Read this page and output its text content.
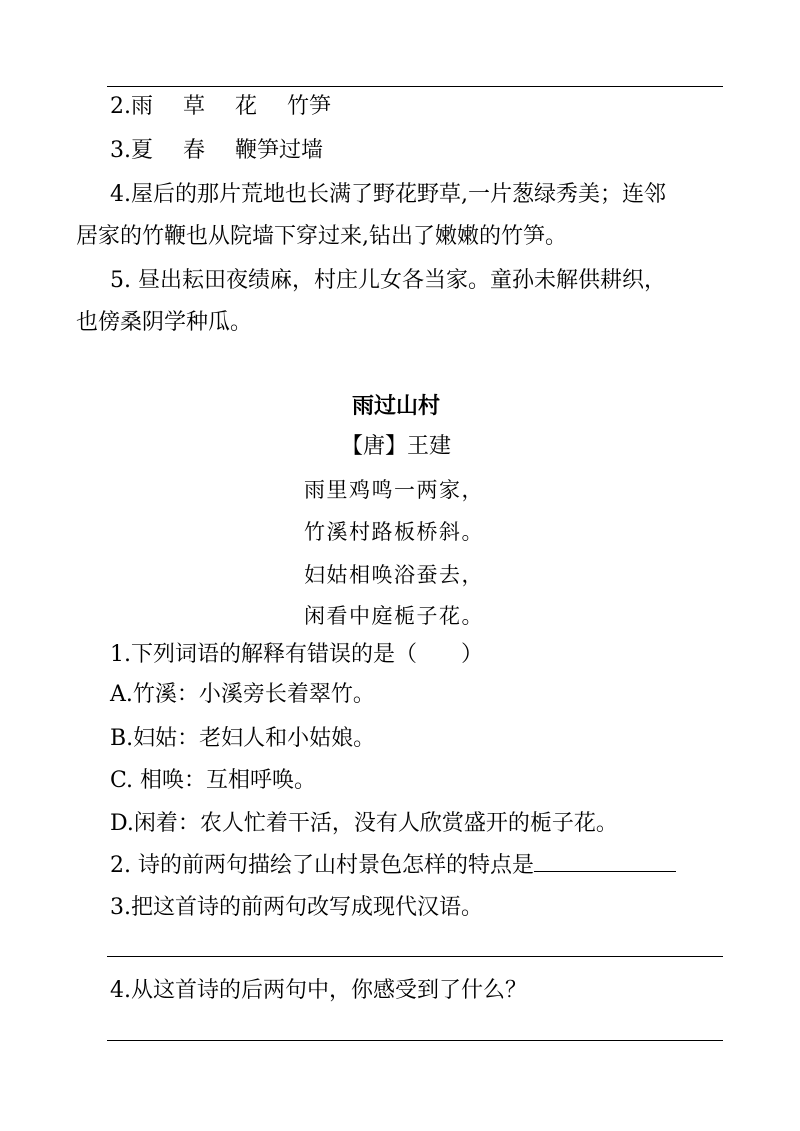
2.雨 草 花 竹笋
3.夏 春 鞭笋过墙
4.屋后的那片荒地也长满了野花野草,一片葱绿秀美；连邻
居家的竹鞭也从院墙下穿过来,钻出了嫩嫩的竹笋。
5. 昼出耘田夜绩麻，村庄儿女各当家。童孙未解供耕织，
也傍桑阴学种瓜。
雨过山村
【唐】王建
雨里鸡鸣一两家，
竹溪村路板桥斜。
妇姑相唤浴蚕去，
闲看中庭栀子花。
1.下列词语的解释有错误的是（　　）
A.竹溪：小溪旁长着翠竹。
B.妇姑：老妇人和小姑娘。
C. 相唤：互相呼唤。
D.闲着：农人忙着干活，没有人欣赏盛开的栀子花。
2. 诗的前两句描绘了山村景色怎样的特点是
3.把这首诗的前两句改写成现代汉语。
4.从这首诗的后两句中，你感受到了什么？
